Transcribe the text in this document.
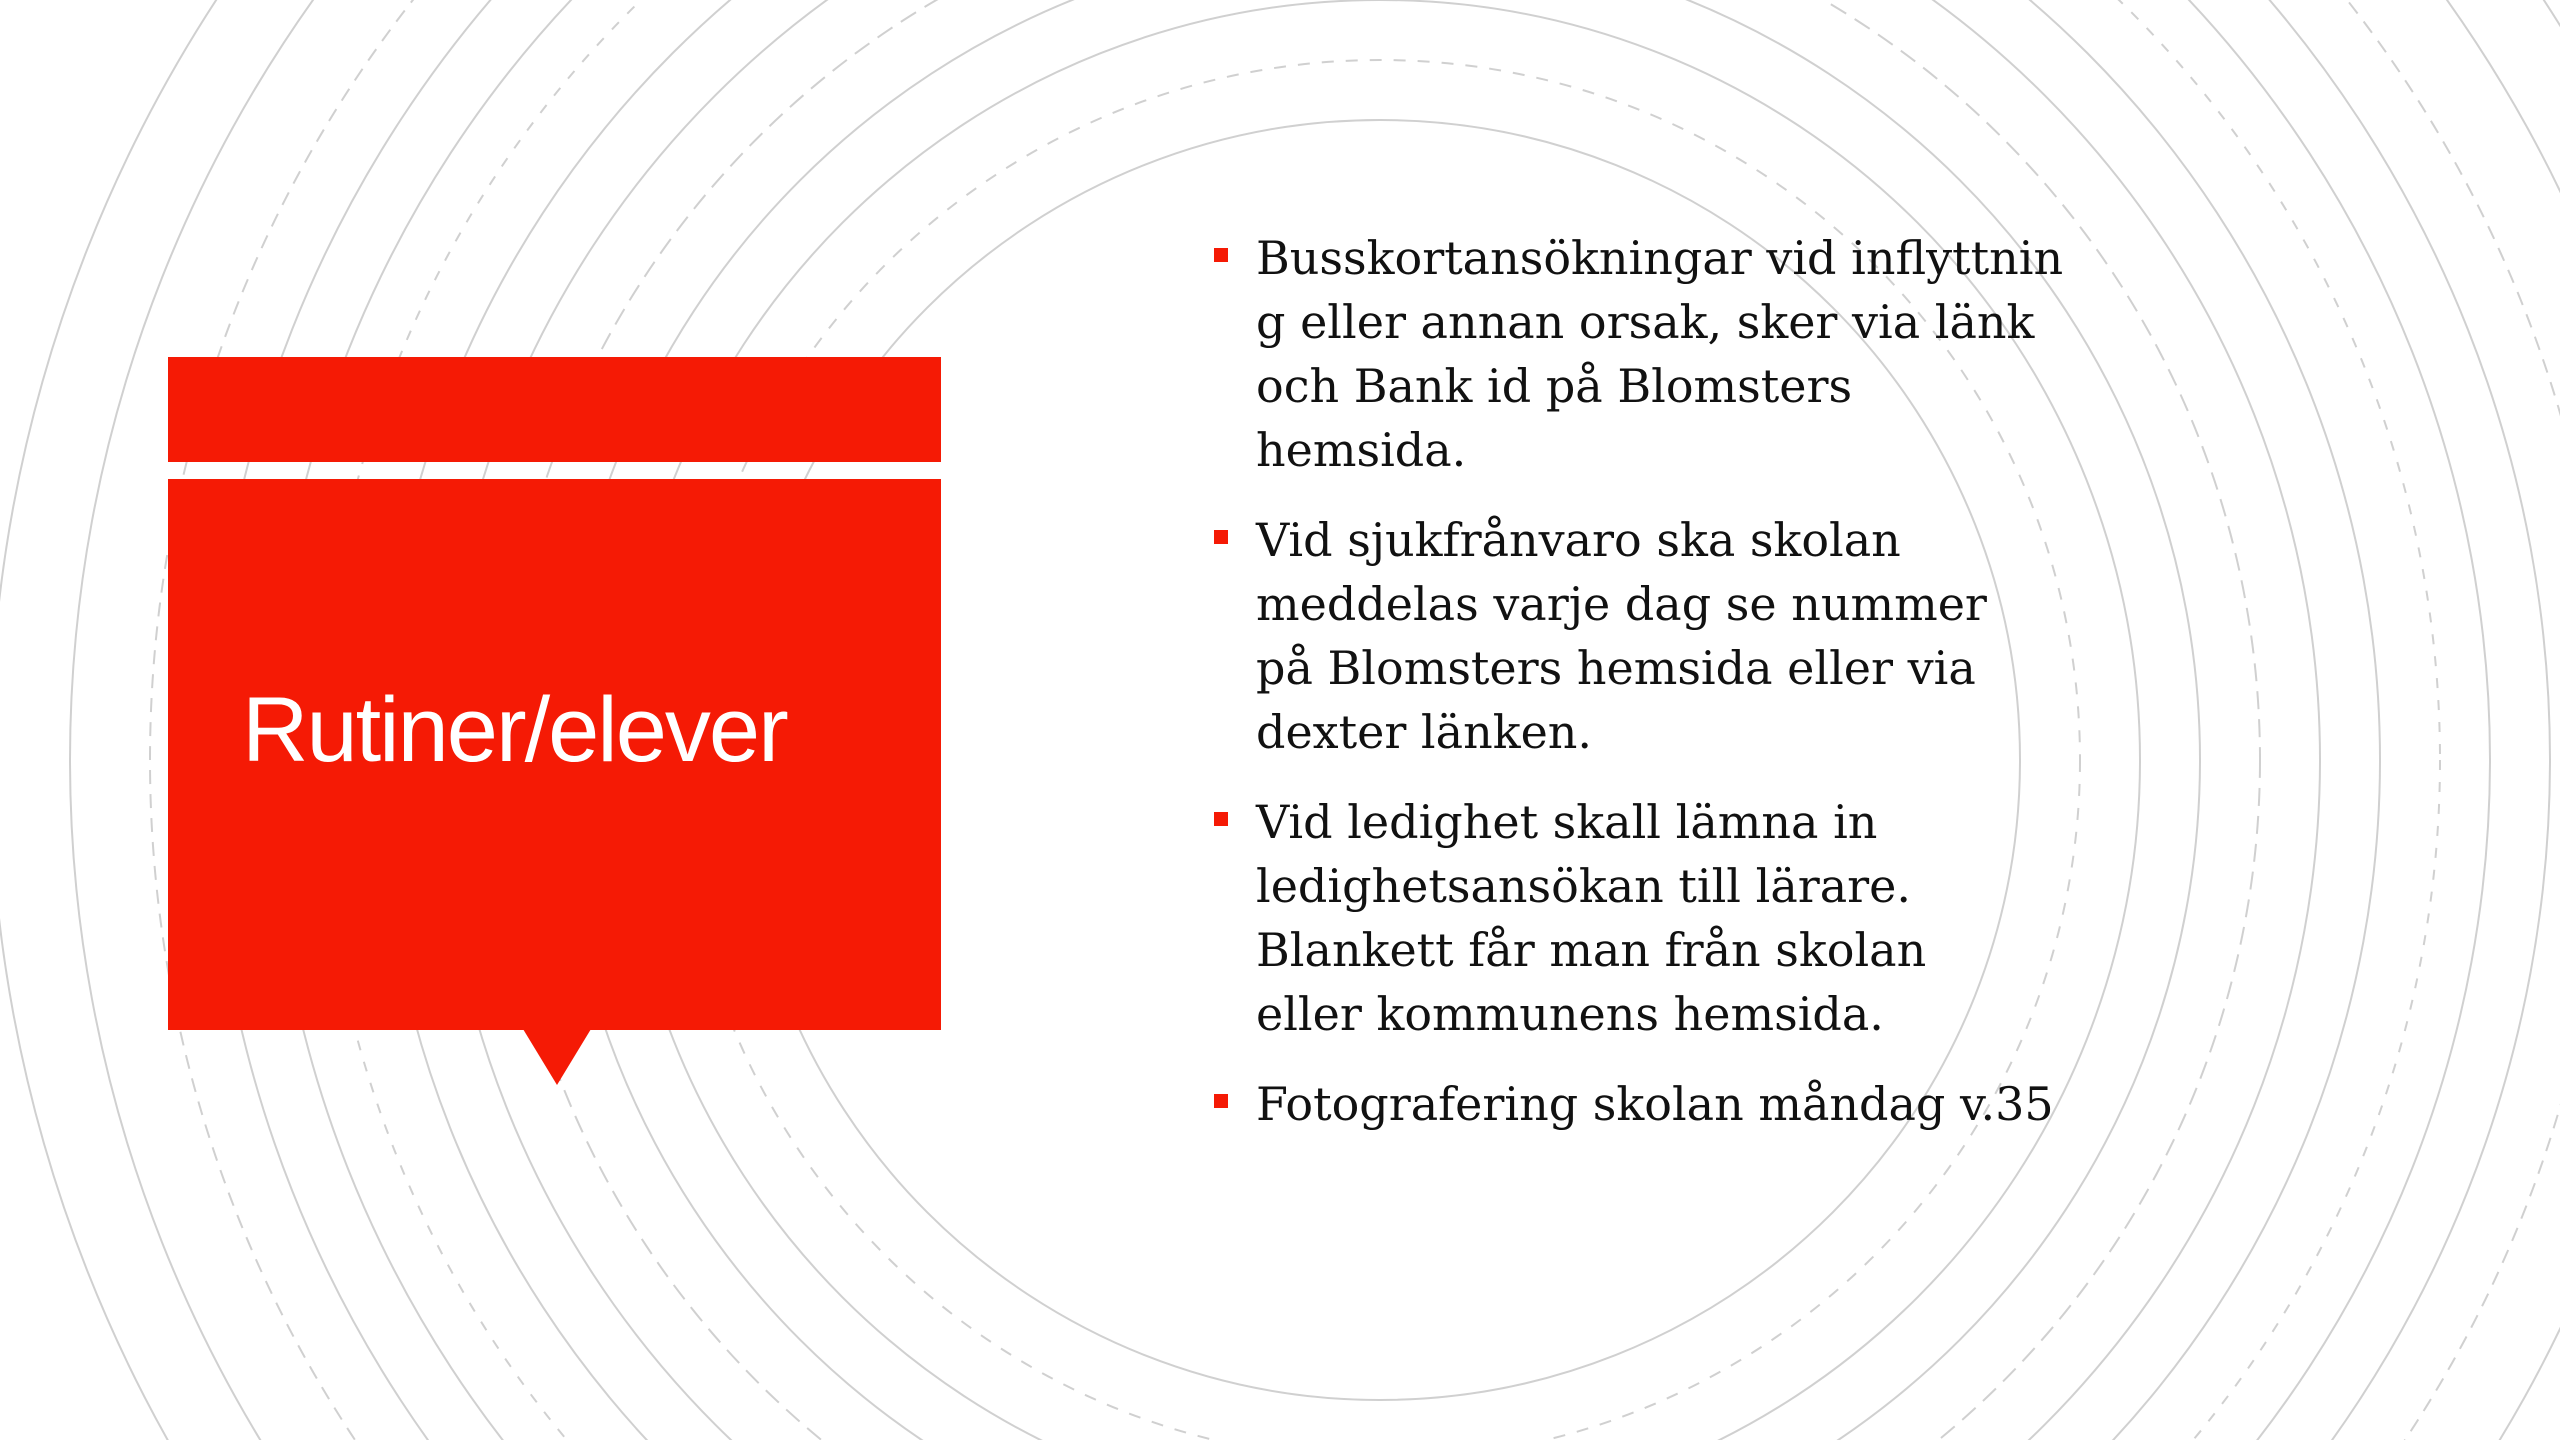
Rutiner/elever
Busskortansökningar vid inflyttnin
g eller annan orsak, sker via länk
och Bank id på Blomsters
hemsida.
Vid sjukfrånvaro ska skolan
meddelas varje dag se nummer
på Blomsters hemsida eller via
dexter länken.
Vid ledighet skall lämna in
ledighetsansökan till lärare.
Blankett får man från skolan
eller kommunens hemsida.
Fotografering skolan måndag v.35
